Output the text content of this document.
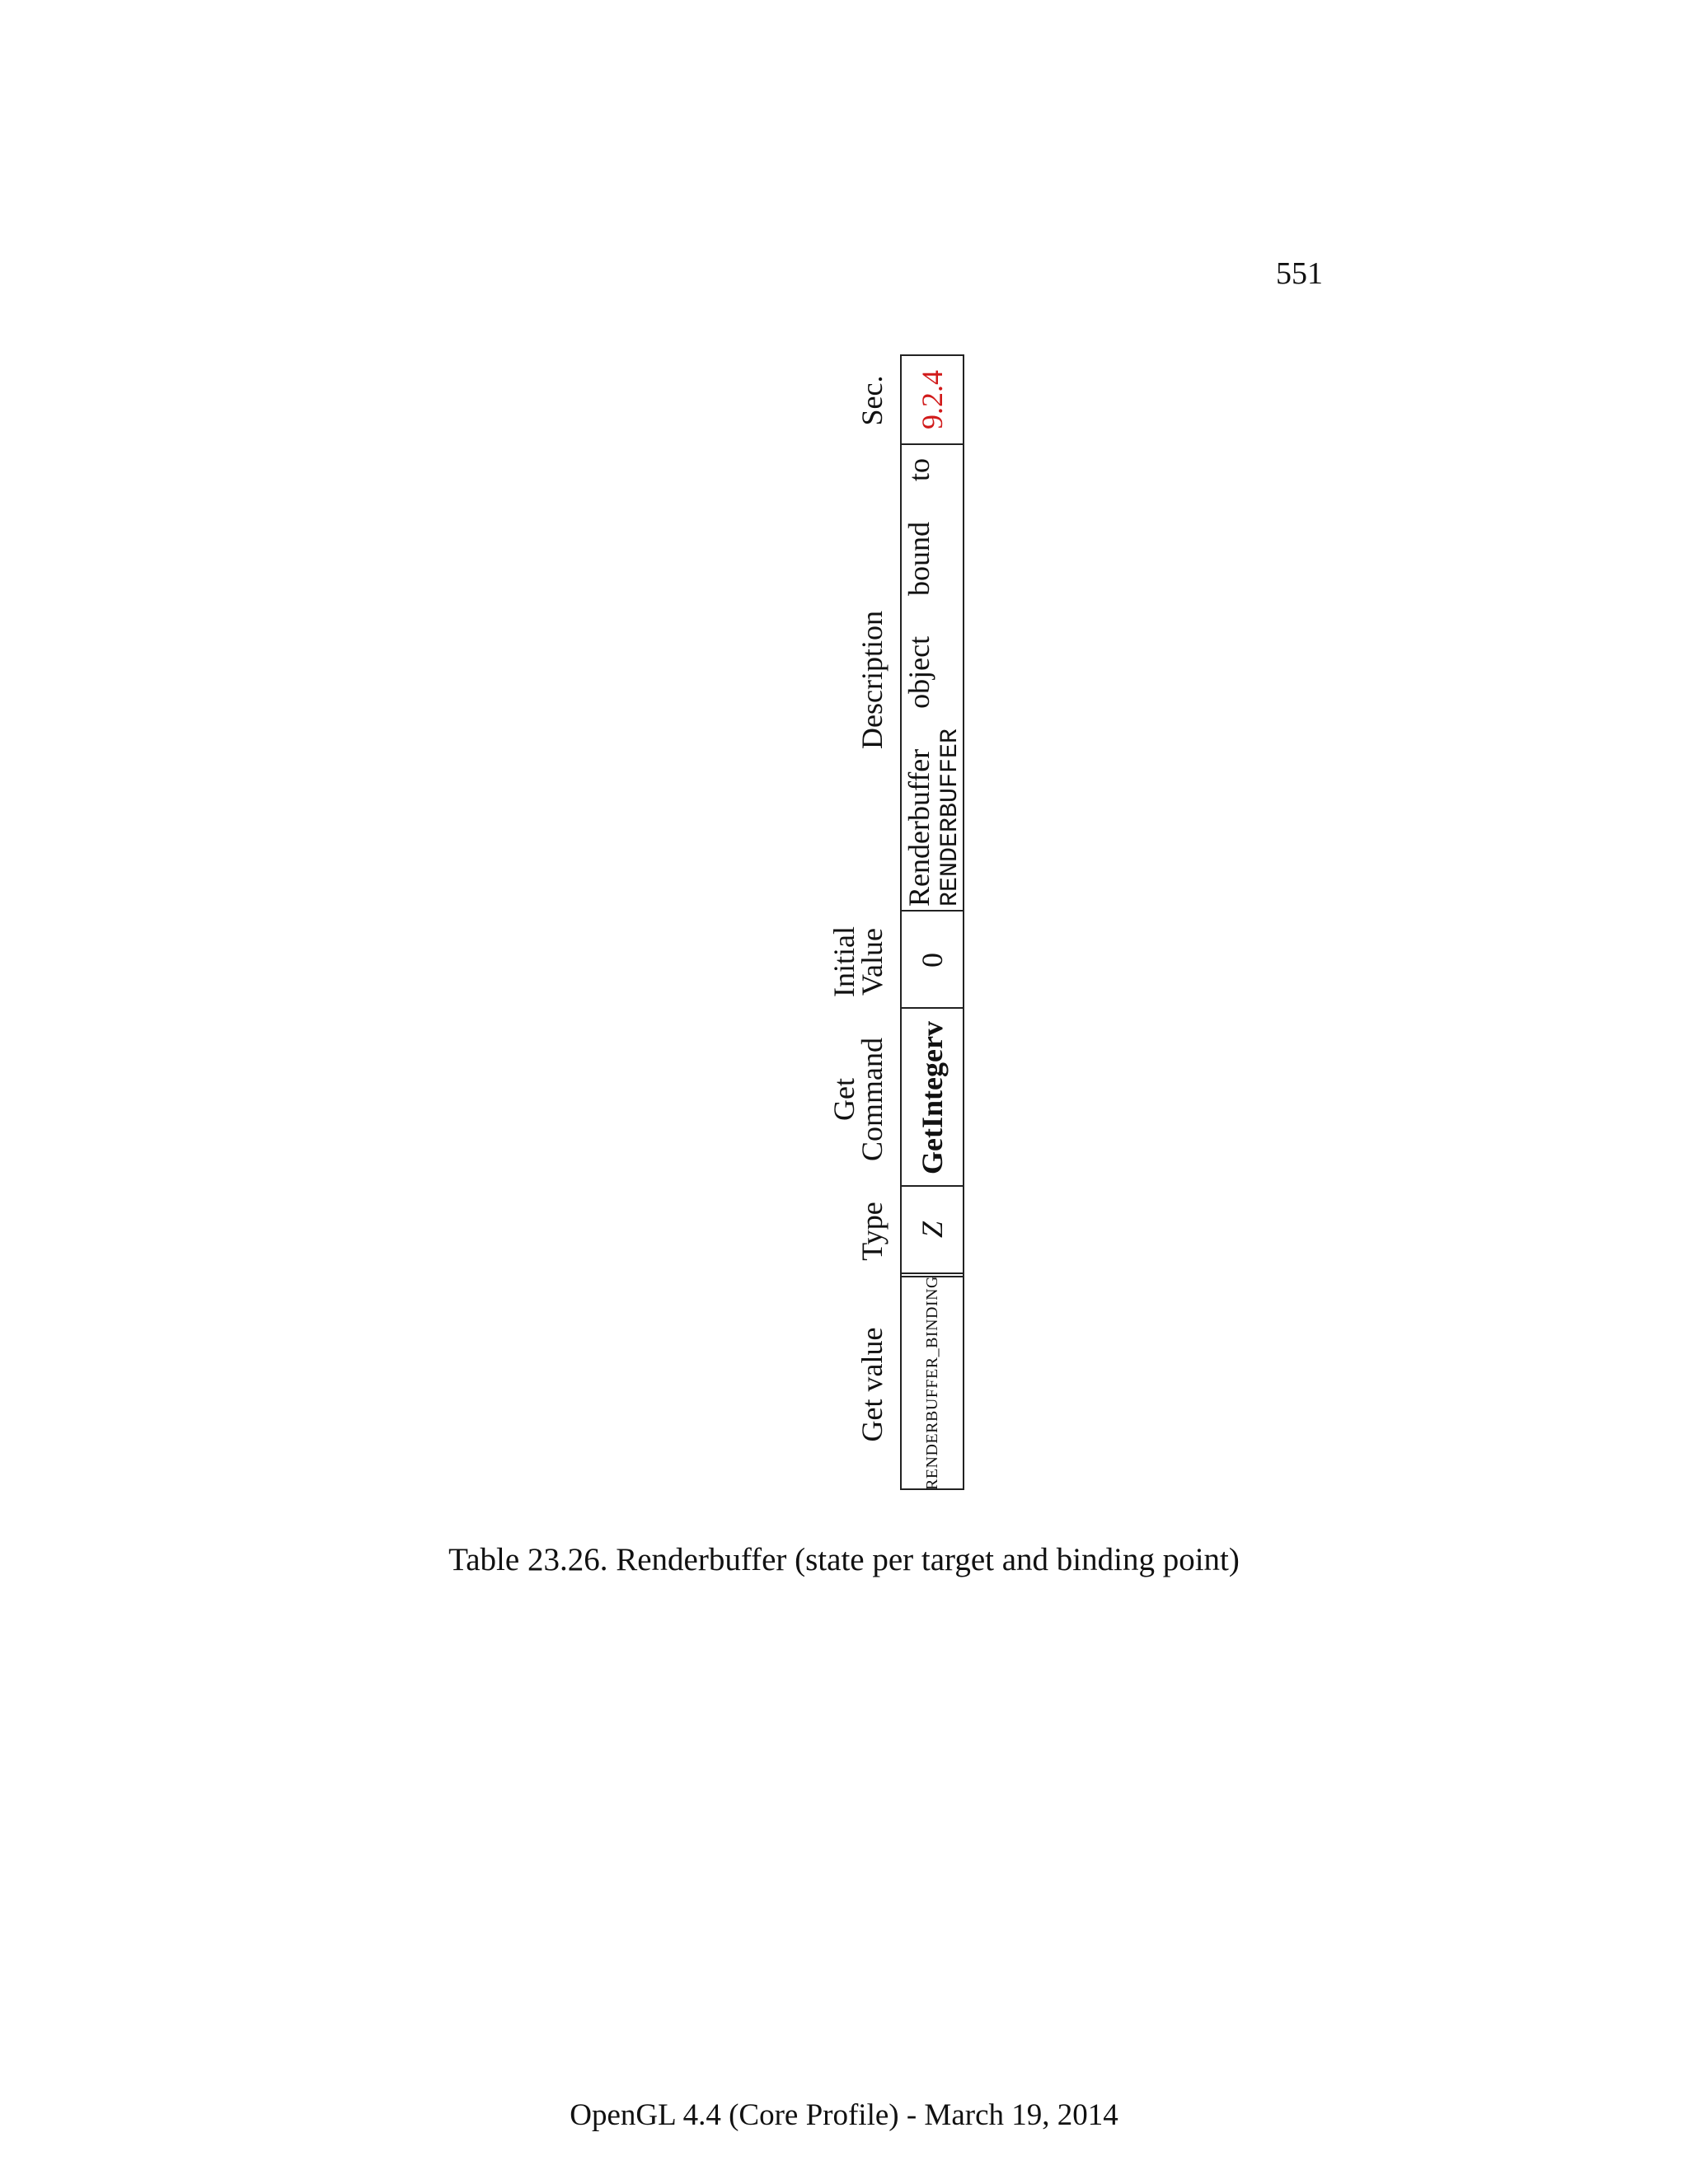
551
Get value
Type
Get
Command
Initial
Value
Description
Sec.
RENDERBUFFER_BINDING
Z
GetIntegerv
0
Renderbuffer
object
bound
to
RENDERBUFFER
9.2.4
Table 23.26. Renderbuffer (state per target and binding point)
OpenGL 4.4 (Core Profile) - March 19, 2014
